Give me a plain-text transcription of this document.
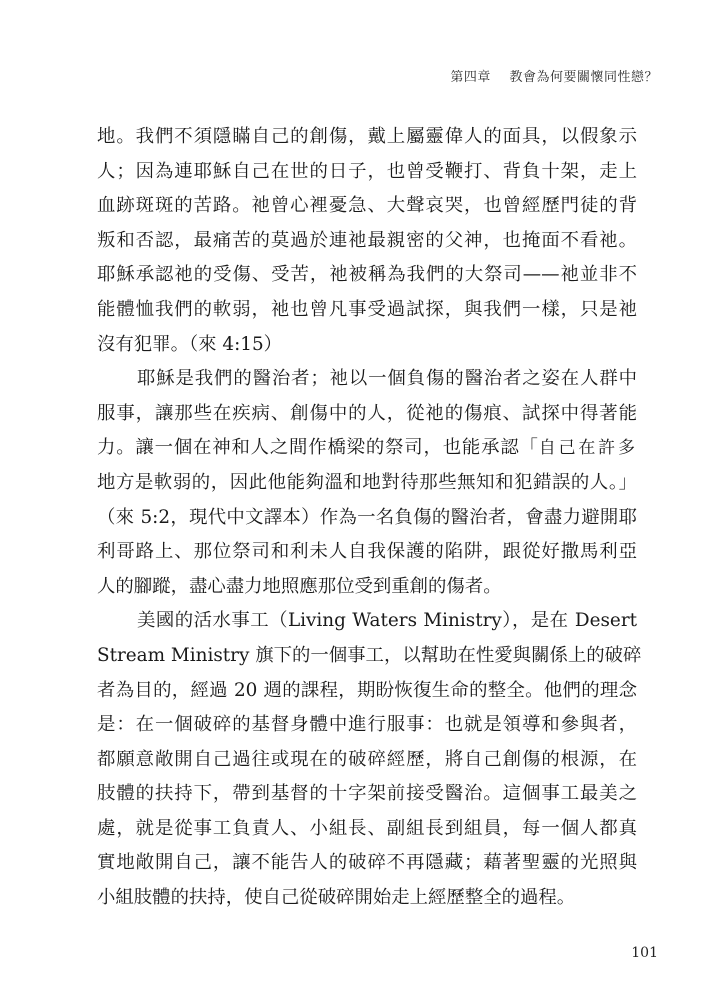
第四章 教會為何要關懷同性戀？
地。我們不須隱瞞自己的創傷，戴上屬靈偉人的面具，以假象示
人；因為連耶穌自己在世的日子，也曾受鞭打、背負十架，走上
血跡斑斑的苦路。祂曾心裡憂急、大聲哀哭，也曾經歷門徒的背
叛和否認，最痛苦的莫過於連祂最親密的父神，也掩面不看祂。
耶穌承認祂的受傷、受苦，祂被稱為我們的大祭司——祂並非不
能體恤我們的軟弱，祂也曾凡事受過試探，與我們一樣，只是祂
沒有犯罪。（來 4:15）
耶穌是我們的醫治者；祂以一個負傷的醫治者之姿在人群中
服事，讓那些在疾病、創傷中的人，從祂的傷痕、試探中得著能
力。讓一個在神和人之間作橋梁的祭司，也能承認「自己在許多
地方是軟弱的，因此他能夠溫和地對待那些無知和犯錯誤的人。」
（來 5:2，現代中文譯本）作為一名負傷的醫治者，會盡力避開耶
利哥路上、那位祭司和利未人自我保護的陷阱，跟從好撒馬利亞
人的腳蹤，盡心盡力地照應那位受到重創的傷者。
美國的活水事工（Living Waters Ministry），是在 Desert
Stream Ministry 旗下的一個事工，以幫助在性愛與關係上的破碎
者為目的，經過 20 週的課程，期盼恢復生命的整全。他們的理念
是：在一個破碎的基督身體中進行服事：也就是領導和參與者，
都願意敞開自己過往或現在的破碎經歷，將自己創傷的根源，在
肢體的扶持下，帶到基督的十字架前接受醫治。這個事工最美之
處，就是從事工負責人、小組長、副組長到組員，每一個人都真
實地敞開自己，讓不能告人的破碎不再隱藏；藉著聖靈的光照與
小組肢體的扶持，使自己從破碎開始走上經歷整全的過程。
101
